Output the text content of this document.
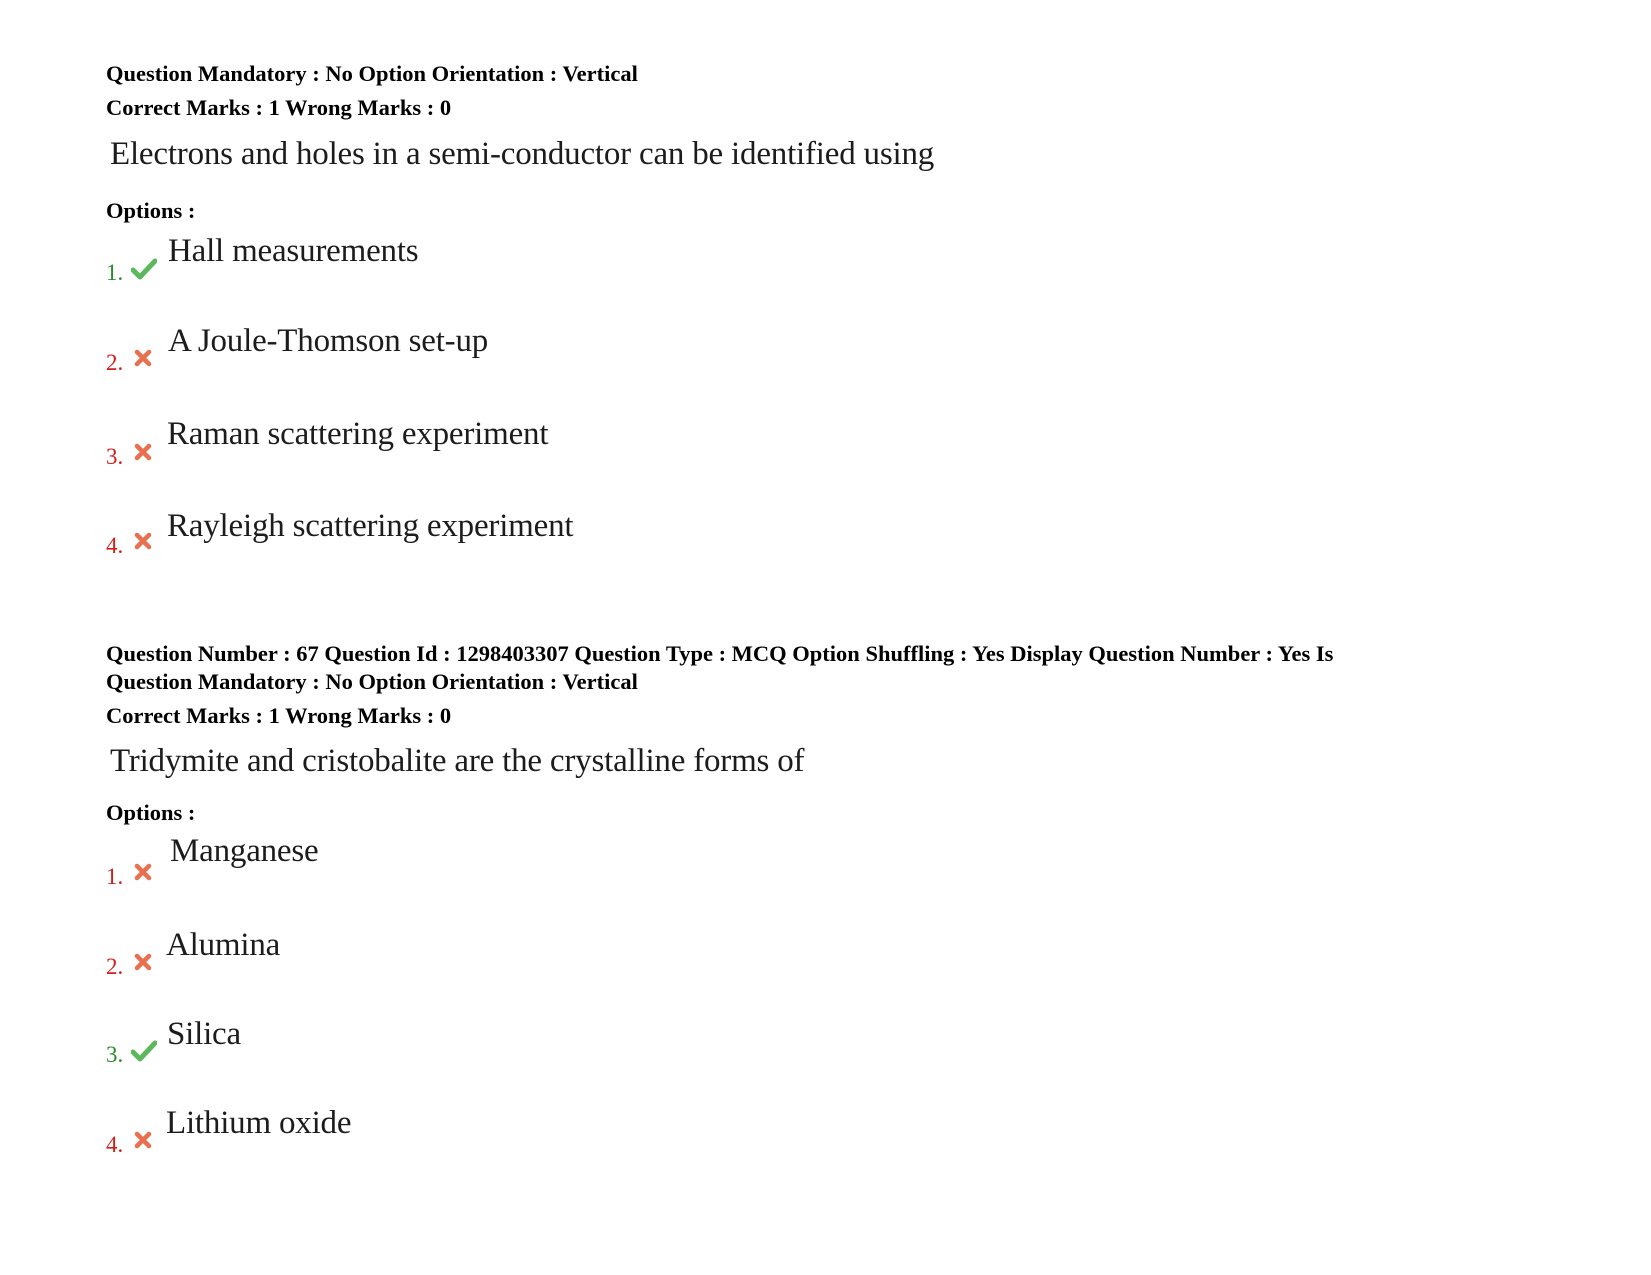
Question Mandatory : No Option Orientation : Vertical
Correct Marks : 1 Wrong Marks : 0
Electrons and holes in a semi-conductor can be identified using
Options :
1.
Hall measurements
2.
A Joule-Thomson set-up
3.
Raman scattering experiment
4.
Rayleigh scattering experiment
Question Number : 67 Question Id : 1298403307 Question Type : MCQ Option Shuffling : Yes Display Question Number : Yes Is
Question Mandatory : No Option Orientation : Vertical
Correct Marks : 1 Wrong Marks : 0
Tridymite and cristobalite are the crystalline forms of
Options :
1.
Manganese
2.
Alumina
3.
Silica
4.
Lithium oxide
